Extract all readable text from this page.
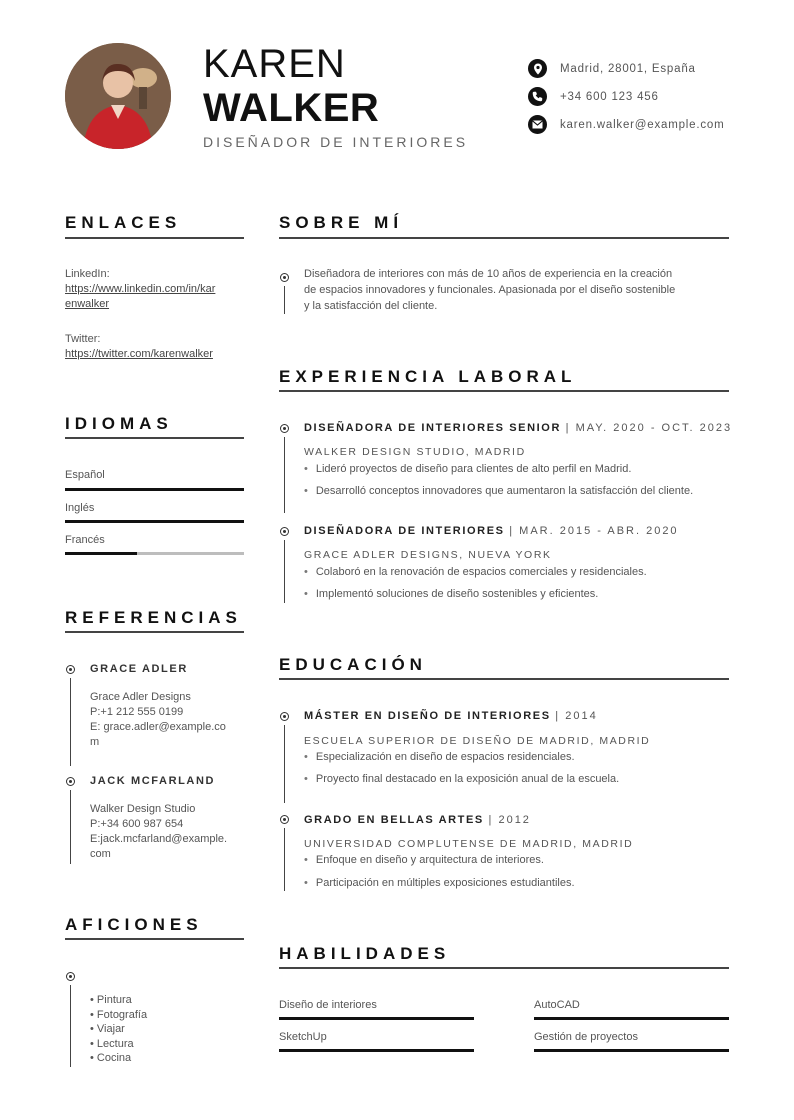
KAREN
WALKER
DISEÑADOR DE INTERIORES
Madrid, 28001, España
+34 600 123 456
karen.walker@example.com
ENLACES
LinkedIn:
https://www.linkedin.com/in/kar
enwalker
Twitter:
https://twitter.com/karenwalker
IDIOMAS
Español
Inglés
Francés
REFERENCIAS
GRACE ADLER
Grace Adler Designs
P:+1 212 555 0199
E: grace.adler@example.co
m
JACK MCFARLAND
Walker Design Studio
P:+34 600 987 654
E:jack.mcfarland@example.
com
AFICIONES
• Pintura
• Fotografía
• Viajar
• Lectura
• Cocina
SOBRE MÍ
Diseñadora de interiores con más de 10 años de experiencia en la creación
de espacios innovadores y funcionales. Apasionada por el diseño sostenible
y la satisfacción del cliente.
EXPERIENCIA LABORAL
DISEÑADORA DE INTERIORES SENIOR | MAY. 2020 - OCT. 2023
WALKER DESIGN STUDIO, MADRID
• Lideró proyectos de diseño para clientes de alto perfil en Madrid.
• Desarrolló conceptos innovadores que aumentaron la satisfacción del cliente.
DISEÑADORA DE INTERIORES | MAR. 2015 - ABR. 2020
GRACE ADLER DESIGNS, NUEVA YORK
• Colaboró en la renovación de espacios comerciales y residenciales.
• Implementó soluciones de diseño sostenibles y eficientes.
EDUCACIÓN
MÁSTER EN DISEÑO DE INTERIORES | 2014
ESCUELA SUPERIOR DE DISEÑO DE MADRID, MADRID
• Especialización en diseño de espacios residenciales.
• Proyecto final destacado en la exposición anual de la escuela.
GRADO EN BELLAS ARTES | 2012
UNIVERSIDAD COMPLUTENSE DE MADRID, MADRID
• Enfoque en diseño y arquitectura de interiores.
• Participación en múltiples exposiciones estudiantiles.
HABILIDADES
Diseño de interiores	AutoCAD
SketchUp	Gestión de proyectos
